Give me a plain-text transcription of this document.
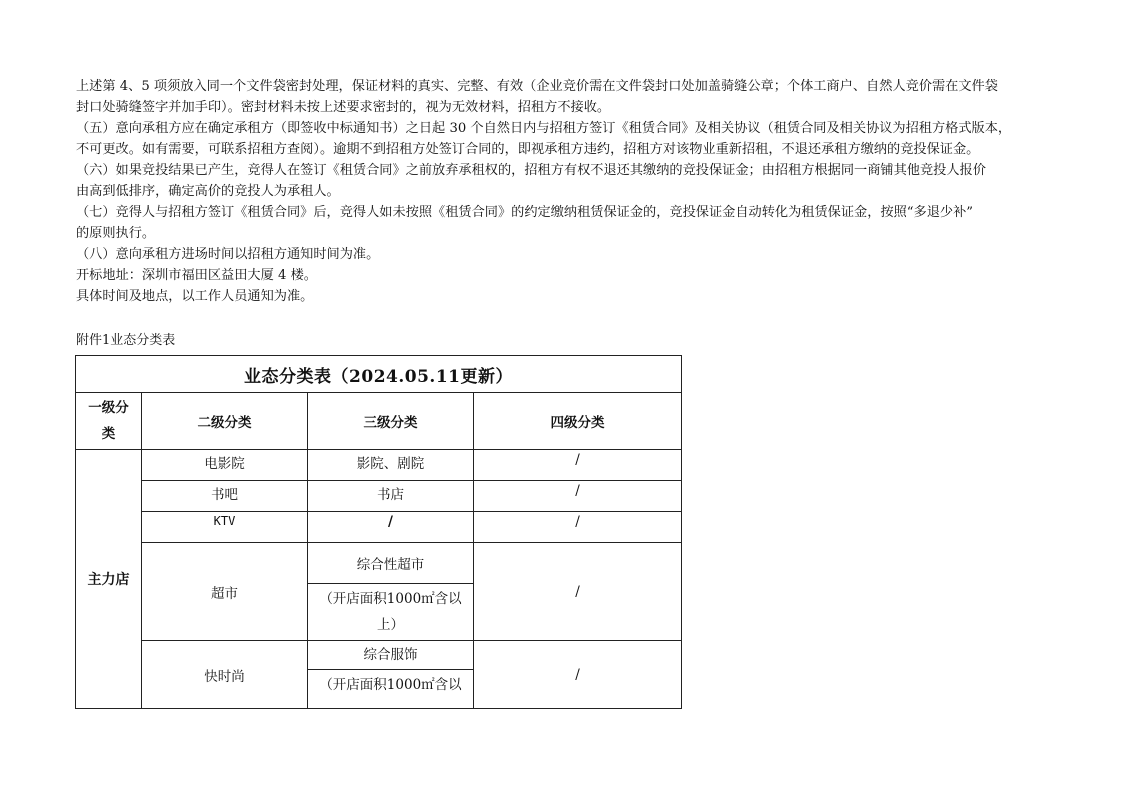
上述第 4、5 项须放入同一个文件袋密封处理，保证材料的真实、完整、有效（企业竞价需在文件袋封口处加盖骑缝公章；个体工商户、自然人竞价需在文件袋

封口处骑缝签字并加手印）。密封材料未按上述要求密封的，视为无效材料，招租方不接收。

（五）意向承租方应在确定承租方（即签收中标通知书）之日起 30 个自然日内与招租方签订《租赁合同》及相关协议（租赁合同及相关协议为招租方格式版本，

不可更改。如有需要，可联系招租方查阅）。逾期不到招租方处签订合同的，即视承租方违约，招租方对该物业重新招租，不退还承租方缴纳的竞投保证金。

（六）如果竞投结果已产生，竞得人在签订《租赁合同》之前放弃承租权的，招租方有权不退还其缴纳的竞投保证金；由招租方根据同一商铺其他竞投人报价

由高到低排序，确定高价的竞投人为承租人。

（七）竞得人与招租方签订《租赁合同》后，竞得人如未按照《租赁合同》的约定缴纳租赁保证金的，竞投保证金自动转化为租赁保证金，按照“多退少补”

的原则执行。

（八）意向承租方进场时间以招租方通知时间为准。

开标地址：深圳市福田区益田大厦 4 楼。

具体时间及地点，以工作人员通知为准。

附件1业态分类表
业态分类表（2024.05.11更新）			

一级分
类	二级分类	三级分类	四级分类
主力店	电影院	影院、剧院	/
	书吧	书店	/
	KTV	/	/
	超市	综合性超市	/

		（开店面积1000㎡含以
上）	

	快时尚	综合服饰	/

		（开店面积1000㎡含以	
